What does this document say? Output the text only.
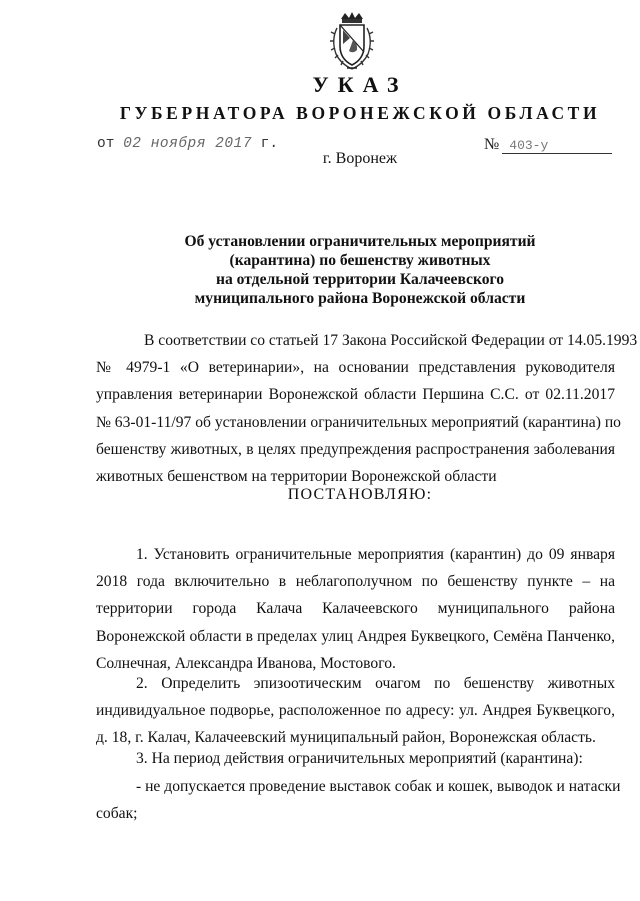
УКАЗ
ГУБЕРНАТОРА ВОРОНЕЖСКОЙ ОБЛАСТИ
от 02 ноября 2017 г.	№ 403-у
г. Воронеж
Об установлении ограничительных мероприятий
(карантина) по бешенству животных
на отдельной территории Калачеевского
муниципального района Воронежской области
В соответствии со статьей 17 Закона Российской Федерации от 14.05.1993
№ 4979-1 «О ветеринарии», на основании представления руководителя
управления ветеринарии Воронежской области Першина С.С. от 02.11.2017
№ 63-01-11/97 об установлении ограничительных мероприятий (карантина) по
бешенству животных, в целях предупреждения распространения заболевания
животных бешенством на территории Воронежской области
ПОСТАНОВЛЯЮ:
1. Установить ограничительные мероприятия (карантин) до 09 января
2018 года включительно в неблагополучном по бешенству пункте – на
территории города Калача Калачеевского муниципального района
Воронежской области в пределах улиц Андрея Буквецкого, Семёна Панченко,
Солнечная, Александра Иванова, Мостового.
2. Определить эпизоотическим очагом по бешенству животных
индивидуальное подворье, расположенное по адресу: ул. Андрея Буквецкого,
д. 18, г. Калач, Калачеевский муниципальный район, Воронежская область.
3. На период действия ограничительных мероприятий (карантина):
- не допускается проведение выставок собак и кошек, выводок и натаски
собак;
